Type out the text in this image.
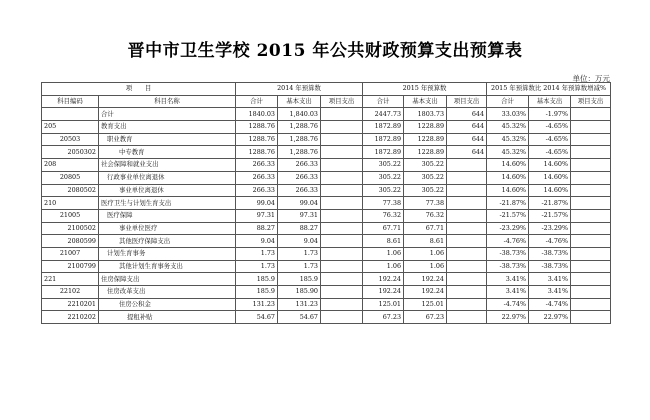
晋中市卫生学校 2015 年公共财政预算支出预算表
单位：万元
项　　目		2014 年预算数			2015 年预算数			2015 年预算数比 2014 年预算数增减%		
科目编码	科目名称	合计	基本支出	项目支出	合计	基本支出	项目支出	合计	基本支出	项目支出
	合计	1840.03	1,840.03		2447.73	1803.73	644	33.03%	-1.97%	
205	教育支出	1288.76	1,288.76		1872.89	1228.89	644	45.32%	-4.65%	
20503	职业教育	1288.76	1,288.76		1872.89	1228.89	644	45.32%	-4.65%	
2050302	中专教育	1288.76	1,288.76		1872.89	1228.89	644	45.32%	-4.65%	
208	社会保障和就业支出	266.33	266.33		305.22	305.22		14.60%	14.60%	
20805	行政事业单位离退休	266.33	266.33		305.22	305.22		14.60%	14.60%	
2080502	事业单位离退休	266.33	266.33		305.22	305.22		14.60%	14.60%	
210	医疗卫生与计划生育支出	99.04	99.04		77.38	77.38		-21.87%	-21.87%	
21005	医疗保障	97.31	97.31		76.32	76.32		-21.57%	-21.57%	
2100502	事业单位医疗	88.27	88.27		67.71	67.71		-23.29%	-23.29%	
2080599	其他医疗保障支出	9.04	9.04		8.61	8.61		-4.76%	-4.76%	
21007	计划生育事务	1.73	1.73		1.06	1.06		-38.73%	-38.73%	
2100799	其他计划生育事务支出	1.73	1.73		1.06	1.06		-38.73%	-38.73%	
221	住房保障支出	185.9	185.9		192.24	192.24		3.41%	3.41%	
22102	住房改革支出	185.9	185.90		192.24	192.24		3.41%	3.41%	
2210201	住房公积金	131.23	131.23		125.01	125.01		-4.74%	-4.74%	
2210202	提租补贴	54.67	54.67		67.23	67.23		22.97%	22.97%	
